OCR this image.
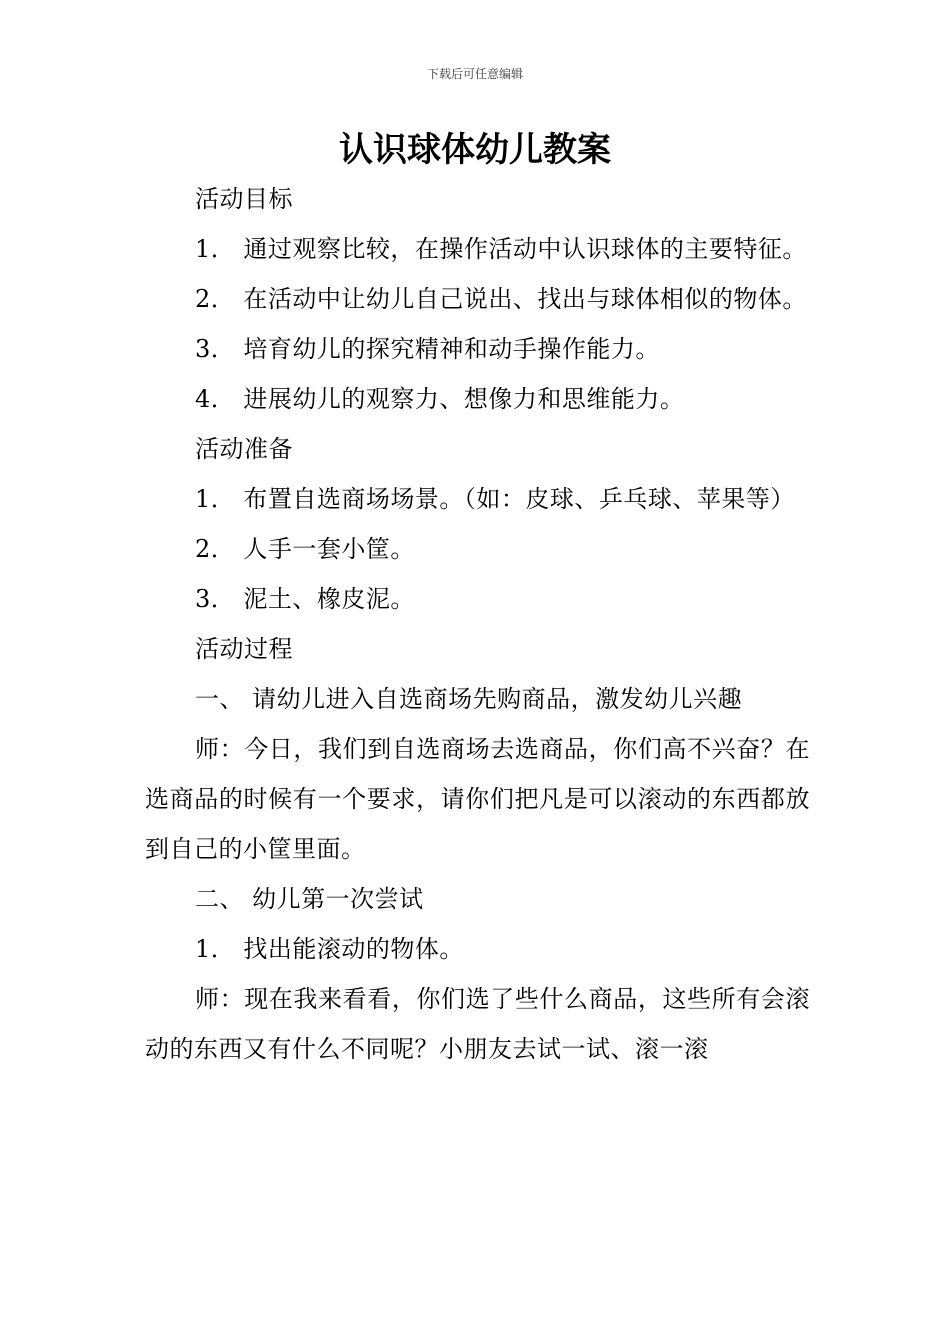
下载后可任意编辑
认识球体幼儿教案

活动目标

1． 通过观察比较，在操作活动中认识球体的主要特征。

2． 在活动中让幼儿自己说出、找出与球体相似的物体。

3． 培育幼儿的探究精神和动手操作能力。

4． 进展幼儿的观察力、想像力和思维能力。

活动准备

1． 布置自选商场场景。（如：皮球、乒乓球、苹果等）

2． 人手一套小筐。

3． 泥土、橡皮泥。

活动过程

一、 请幼儿进入自选商场先购商品，激发幼儿兴趣

师：今日，我们到自选商场去选商品，你们高不兴奋？在选商品的时候有一个要求，请你们把凡是可以滚动的东西都放到自己的小筐里面。

二、 幼儿第一次尝试

1． 找出能滚动的物体。

师：现在我来看看，你们选了些什么商品，这些所有会滚动的东西又有什么不同呢？小朋友去试一试、滚一滚
